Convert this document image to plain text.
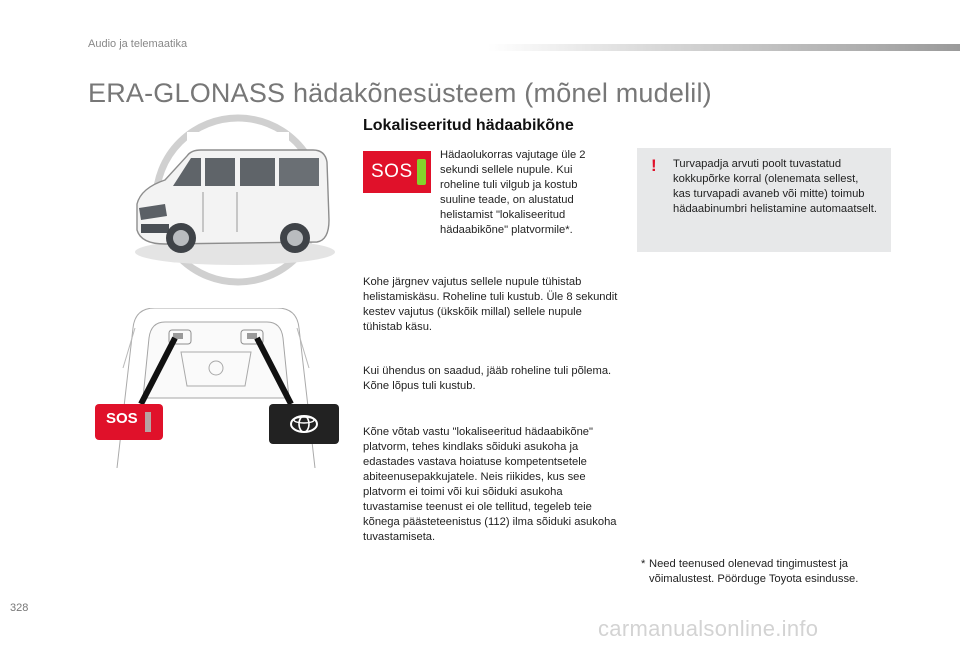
Audio ja telemaatika
ERA-GLONASS hädakõnesüsteem (mõnel mudelil)
SOS
Lokaliseeritud hädaabikõne
SOS
Hädaolukorras vajutage üle 2 sekundi sellele nupule. Kui roheline tuli vilgub ja kostub suuline teade, on alustatud helistamist "lokaliseeritud hädaabikõne" platvormile*.
Kohe järgnev vajutus sellele nupule tühistab helistamiskäsu. Roheline tuli kustub. Üle 8 sekundit kestev vajutus (ükskõik millal) sellele nupule tühistab käsu.
Kui ühendus on saadud, jääb roheline tuli põlema. Kõne lõpus tuli kustub.
Kõne võtab vastu "lokaliseeritud hädaabikõne" platvorm, tehes kindlaks sõiduki asukoha ja edastades vastava hoiatuse kompetentsetele abiteenusepakkujatele. Neis riikides, kus see platvorm ei toimi või kui sõiduki asukoha tuvastamise teenust ei ole tellitud, tegeleb teie kõnega päästeteenistus (112) ilma sõiduki asukoha tuvastamiseta.
! Turvapadja arvuti poolt tuvastatud kokkupõrke korral (olenemata sellest, kas turvapadi avaneb või mitte) toimub hädaabinumbri helistamine automaatselt.
* Need teenused olenevad tingimustest ja võimalustest. Pöörduge Toyota esindusse.
328
carmanualsonline.info
